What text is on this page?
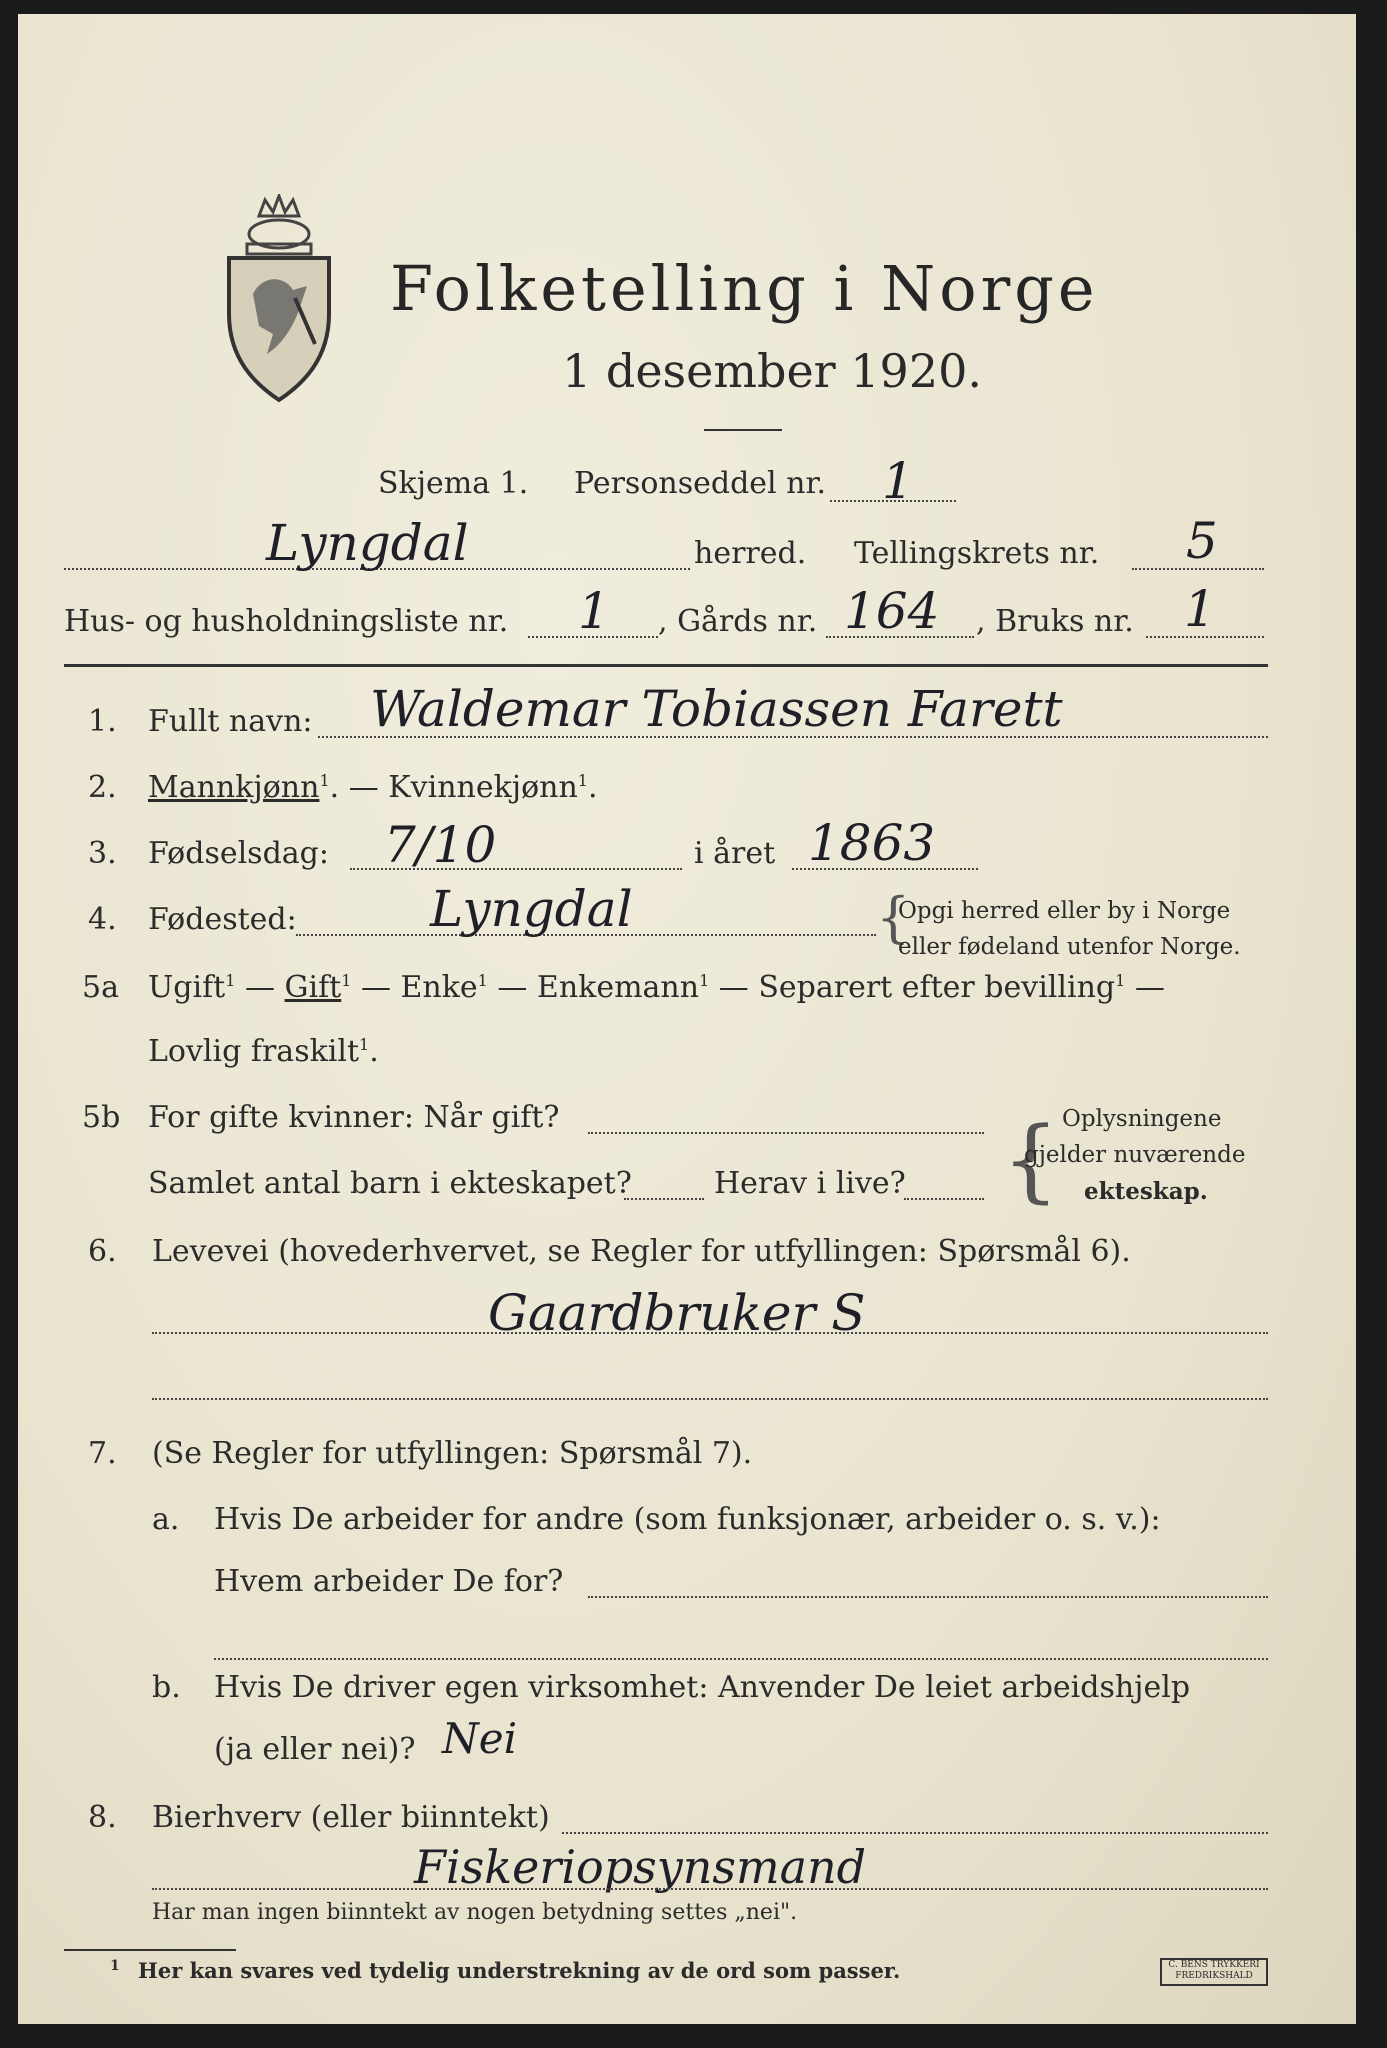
Folketelling i Norge
1 desember 1920.
Skjema 1. Personseddel nr. 1
Lyngdal	herred. Tellingskrets nr. 5
Hus- og husholdningsliste nr. 1 , Gårds nr. 164 , Bruks nr. 1
1. Fullt navn: Waldemar Tobiassen Farett
2. Mannkjønn$^1$. — Kvinnekjønn$^1$.
3. Fødselsdag: 7/10	i året 1863
4. Fødested:	Lyngdal	{
Opgi herred eller by i Norge
eller fødeland utenfor Norge.
5a Ugift$^1$ — Gift$^1$ — Enke$^1$ — Enkemann$^1$ — Separert efter bevilling$^1$ —
Lovlig fraskilt$^1$.
5b For gifte kvinner: Når gift?
Samlet antal barn i ekteskapet?	Herav i live? { Oplysningene
gjelder nuværende
ekteskap.
6. Levevei (hovederhvervet, se Regler for utfyllingen: Spørsmål 6).
Gaardbruker S
7. (Se Regler for utfyllingen: Spørsmål 7).
a. Hvis De arbeider for andre (som funksjonær, arbeider o. s. v.):
Hvem arbeider De for?
b. Hvis De driver egen virksomhet: Anvender De leiet arbeidshjelp
(ja eller nei)? Nei
8. Bierhverv (eller biinntekt)
Fiskeriopsynsmand
Har man ingen biinntekt av nogen betydning settes „nei".
1 Her kan svares ved tydelig understrekning av de ord som passer.	C. BENS TRYKKERI
FREDRIKSHALD
